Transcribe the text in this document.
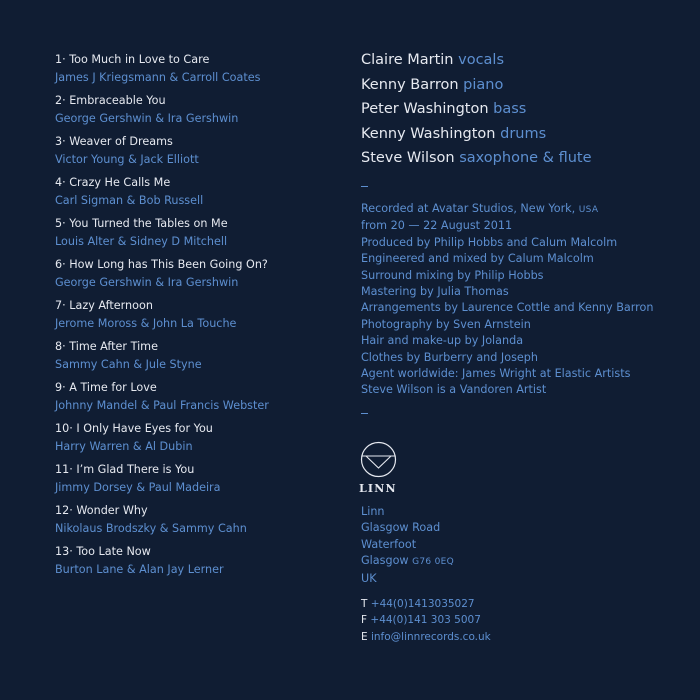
1· Too Much in Love to Care
James J Kriegsmann & Carroll Coates
2· Embraceable You
George Gershwin & Ira Gershwin
3· Weaver of Dreams
Victor Young & Jack Elliott
4· Crazy He Calls Me
Carl Sigman & Bob Russell
5· You Turned the Tables on Me
Louis Alter & Sidney D Mitchell
6· How Long has This Been Going On?
George Gershwin & Ira Gershwin
7· Lazy Afternoon
Jerome Moross & John La Touche
8· Time After Time
Sammy Cahn & Jule Styne
9· A Time for Love
Johnny Mandel & Paul Francis Webster
10· I Only Have Eyes for You
Harry Warren & Al Dubin
11· I’m Glad There is You
Jimmy Dorsey & Paul Madeira
12· Wonder Why
Nikolaus Brodszky & Sammy Cahn
13· Too Late Now
Burton Lane & Alan Jay Lerner
Claire Martin vocals
Kenny Barron piano
Peter Washington bass
Kenny Washington drums
Steve Wilson saxophone & flute
Recorded at Avatar Studios, New York, USA
from 20 — 22 August 2011
Produced by Philip Hobbs and Calum Malcolm
Engineered and mixed by Calum Malcolm
Surround mixing by Philip Hobbs
Mastering by Julia Thomas
Arrangements by Laurence Cottle and Kenny Barron
Photography by Sven Arnstein
Hair and make-up by Jolanda
Clothes by Burberry and Joseph
Agent worldwide: James Wright at Elastic Artists
Steve Wilson is a Vandoren Artist
LINN
Linn
Glasgow Road
Waterfoot
Glasgow G76 0EQ
UK
T +44(0)1413035027
F +44(0)141 303 5007
E info@linnrecords.co.uk
